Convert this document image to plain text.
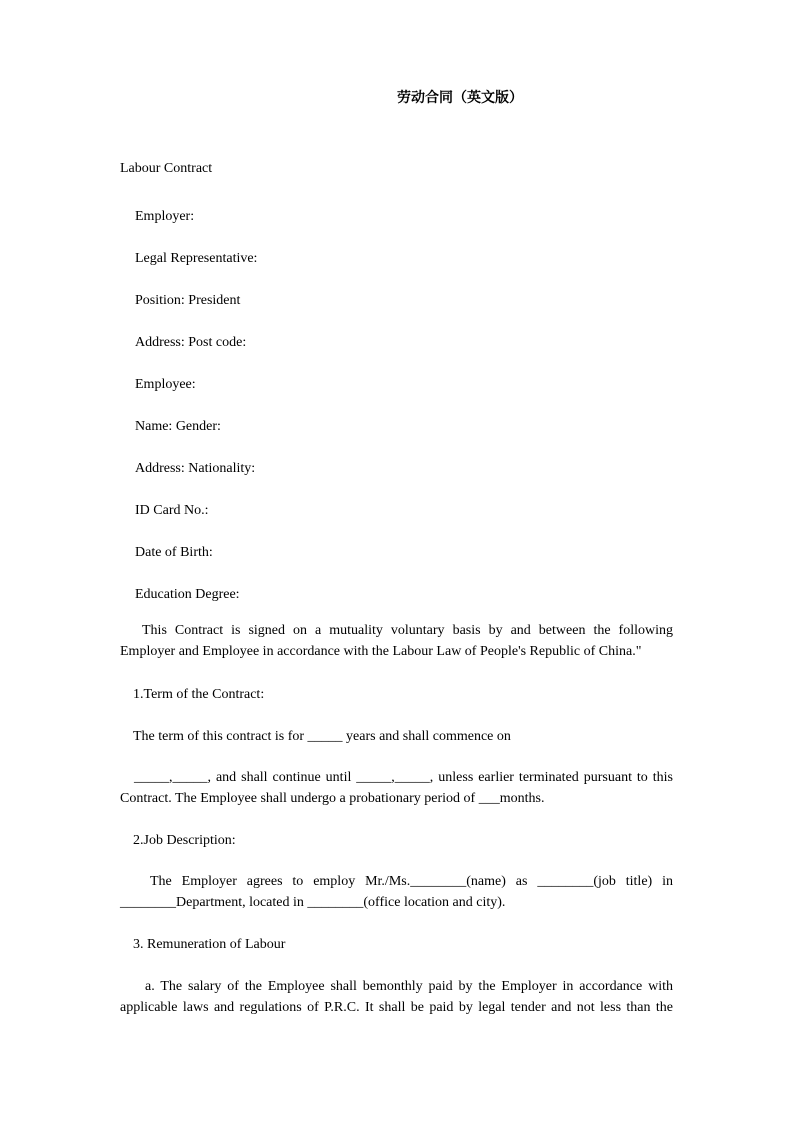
劳动合同（英文版）
Labour Contract
Employer:
Legal Representative:
Position: President
Address: Post code:
Employee:
Name: Gender:
Address: Nationality:
ID Card No.:
Date of Birth:
Education Degree:
This Contract is signed on a mutuality voluntary basis by and between the following Employer and Employee in accordance with the Labour Law of People's Republic of China."
1.Term of the Contract:
The term of this contract is for _____ years and shall commence on
_____,_____, and shall continue until _____,_____, unless earlier terminated pursuant to this Contract. The Employee shall undergo a probationary period of ___months.
2.Job Description:
The Employer agrees to employ Mr./Ms.________(name) as ________(job title) in ________Department, located in ________(office location and city).
3. Remuneration of Labour
a. The salary of the Employee shall bemonthly paid by the Employer in accordance with applicable laws and regulations of P.R.C. It shall be paid by legal tender and not less than the
